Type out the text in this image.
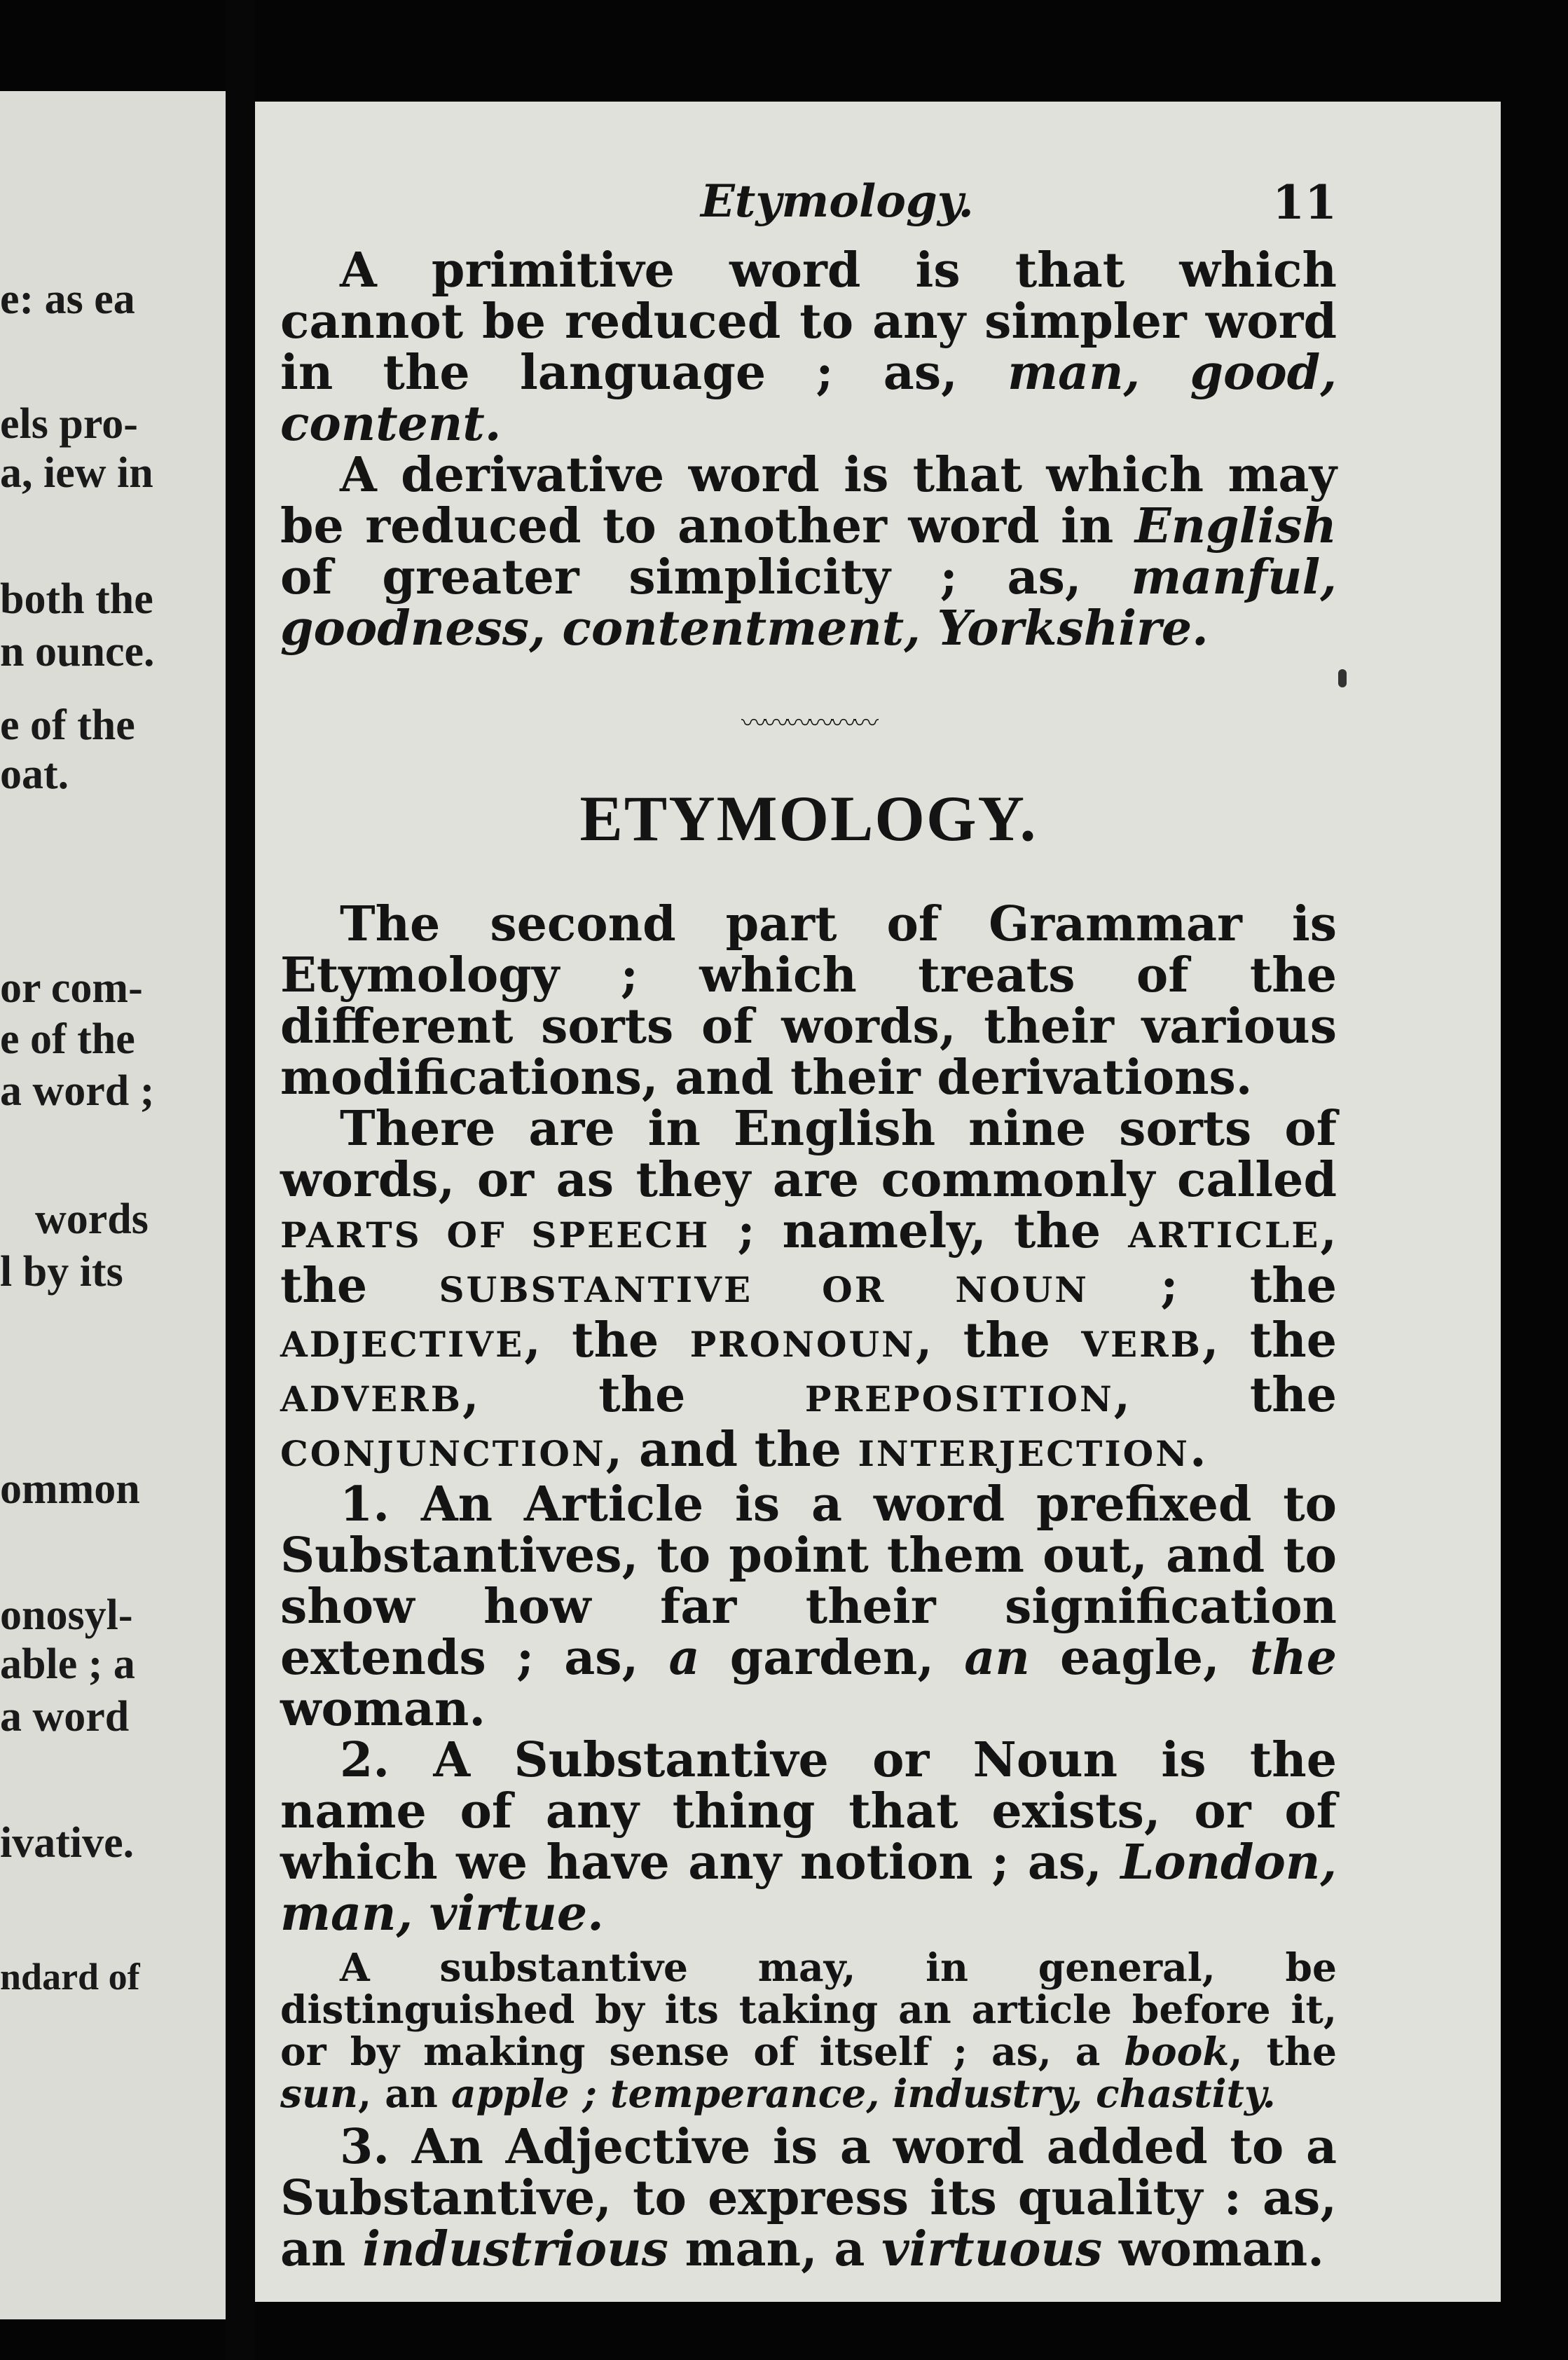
e: as ea
els pro-
a, iew in
both the
n ounce.
e of the
oat.
or com-
e of the
a word ;
words
l by its
ommon
onosyl-
able ; a
a word
ivative.
ndard of
Etymology.	11

A primitive word is that which cannot be reduced to any simpler word in the language ; as, man, good, content.

A derivative word is that which may be reduced to another word in English of greater simplicity ; as, manful, goodness, contentment, Yorkshire.

〰〰〰〰〰〰
ETYMOLOGY.

The second part of Grammar is Etymology ; which treats of the different sorts of words, their various modifications, and their derivations.

There are in English nine sorts of words, or as they are commonly called PARTS OF SPEECH ; namely, the ARTICLE, the SUBSTANTIVE OR NOUN ; the ADJECTIVE, the PRONOUN, the VERB, the ADVERB, the	PREPOSITION, the CONJUNCTION, and the INTERJECTION.

1. An Article is a word prefixed to Substantives, to point them out, and to show how far their signification extends ; as, a garden, an eagle, the woman.

2. A Substantive or Noun is the name of any thing that exists, or of which we have any notion ; as, London, man, virtue.

A substantive may, in general, be distinguished by its taking an article before it, or by making sense of itself ; as, a book, the sun, an apple ; temperance, industry, chastity.

3. An Adjective is a word added to a Substantive, to express its quality : as, an industrious man, a virtuous woman.
